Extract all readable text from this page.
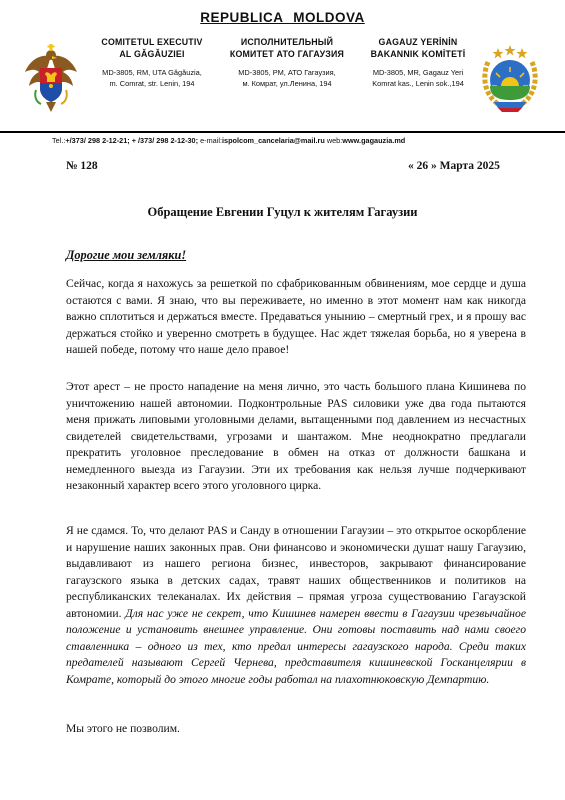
REPUBLICA MOLDOVA
COMITETUL EXECUTIV
AL GĂGĂUZIEI
MD-3805, RM, UTA Găgăuzia,
m. Comrat, str. Lenin, 194
ИСПОЛНИТЕЛЬНЫЙ
КОМИТЕТ АТО ГАГАУЗИЯ
MD-3805, РМ, АТО Гагаузия,
м. Комрат, ул.Ленина, 194
GAGAUZ YERİNİN
BAKANNIK KOMİTETİ
MD-3805, MR, Gagauz Yeri
Komrat kas., Lenin sok.,194
Tel.:+/373/ 298 2-12-21; + /373/ 298 2-12-30; e-mail:ispolcom_cancelaria@mail.ru web:www.gagauzia.md
№ 128	« 26 » Марта 2025
Обращение Евгении Гуцул к жителям Гагаузии
Дорогие мои земляки!

Сейчас, когда я нахожусь за решеткой по сфабрикованным обвинениям, мое сердце и душа остаются с вами. Я знаю, что вы переживаете, но именно в этот момент нам как никогда важно сплотиться и держаться вместе. Предаваться унынию – смертный грех, и я прошу вас держаться стойко и уверенно смотреть в будущее. Нас ждет тяжелая борьба, но я уверена в нашей победе, потому что наше дело правое!

Этот арест – не просто нападение на меня лично, это часть большого плана Кишинева по уничтожению нашей автономии. Подконтрольные PAS силовики уже два года пытаются меня прижать липовыми уголовными делами, вытащенными под давлением из несчастных свидетелей свидетельствами, угрозами и шантажом. Мне неоднократно предлагали прекратить уголовное преследование в обмен на отказ от должности башкана и немедленного выезда из Гагаузии. Эти их требования как нельзя лучше подчеркивают незаконный характер всего этого уголовного цирка.

Я не сдамся. То, что делают PAS и Санду в отношении Гагаузии – это открытое оскорбление и нарушение наших законных прав. Они финансово и экономически душат нашу Гагаузию, выдавливают из нашего региона бизнес, инвесторов, закрывают финансирование гагаузского языка в детских садах, травят наших общественников и политиков на республиканских телеканалах. Их действия – прямая угроза существованию Гагаузской автономии. Для нас уже не секрет, что Кишинев намерен ввести в Гагаузии чрезвычайное положение и установить внешнее управление. Они готовы поставить над нами своего ставленника – одного из тех, кто предал интересы гагаузского народа. Среди таких предателей называют Сергей Чернева, представителя кишиневской Госканцелярии в Комрате, который до этого многие годы работал на плахотнюковскую Демпартию.

Мы этого не позволим.
